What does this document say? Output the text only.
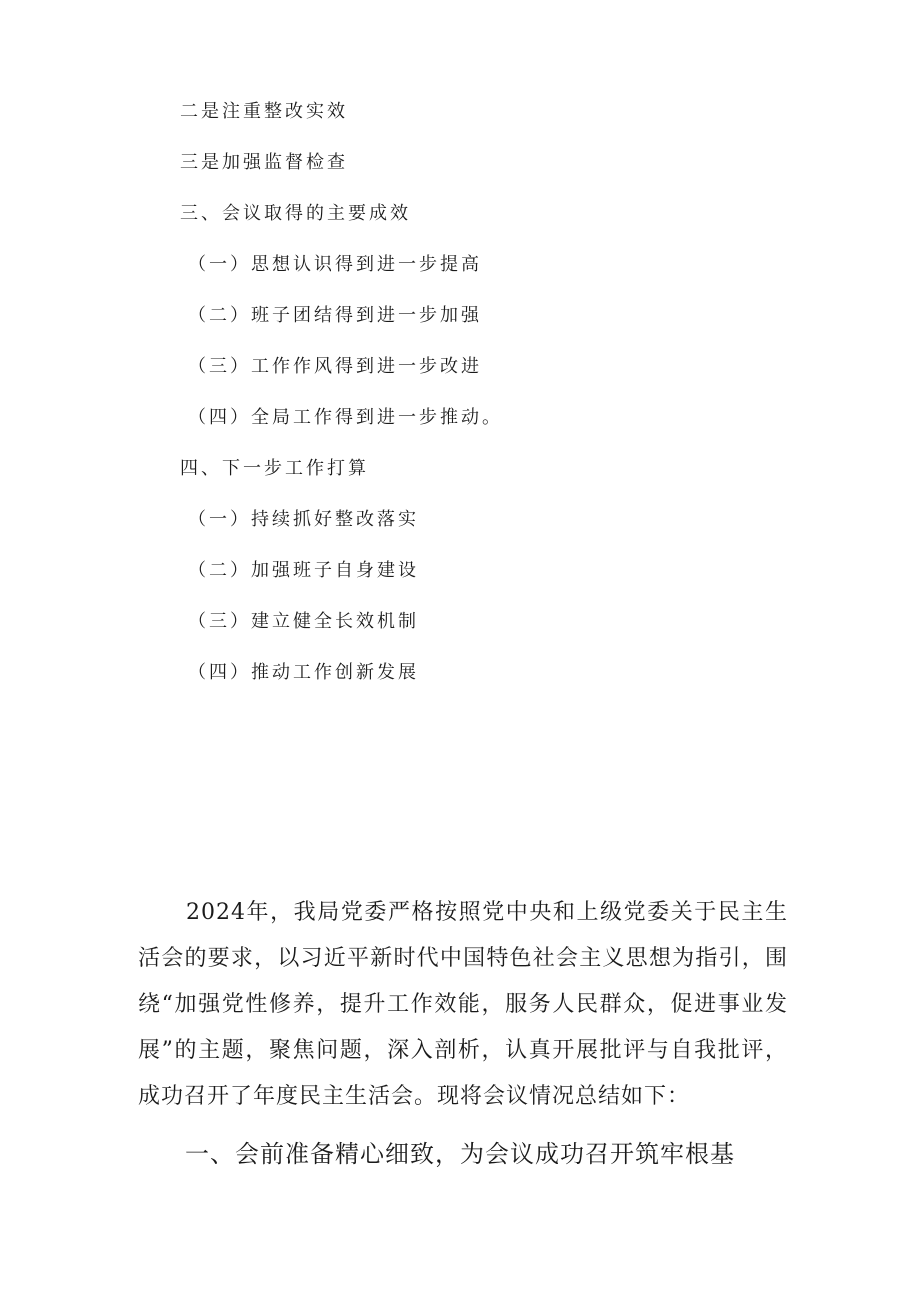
二是注重整改实效
三是加强监督检查
三、会议取得的主要成效
（一）思想认识得到进一步提高
（二）班子团结得到进一步加强
（三）工作作风得到进一步改进
（四）全局工作得到进一步推动。
四、下一步工作打算
（一）持续抓好整改落实
（二）加强班子自身建设
（三）建立健全长效机制
（四）推动工作创新发展

2024年，我局党委严格按照党中央和上级党委关于民主生活会的要求，以习近平新时代中国特色社会主义思想为指引，围绕“加强党性修养，提升工作效能，服务人民群众，促进事业发展”的主题，聚焦问题，深入剖析，认真开展批评与自我批评，成功召开了年度民主生活会。现将会议情况总结如下：

一、会前准备精心细致，为会议成功召开筑牢根基
